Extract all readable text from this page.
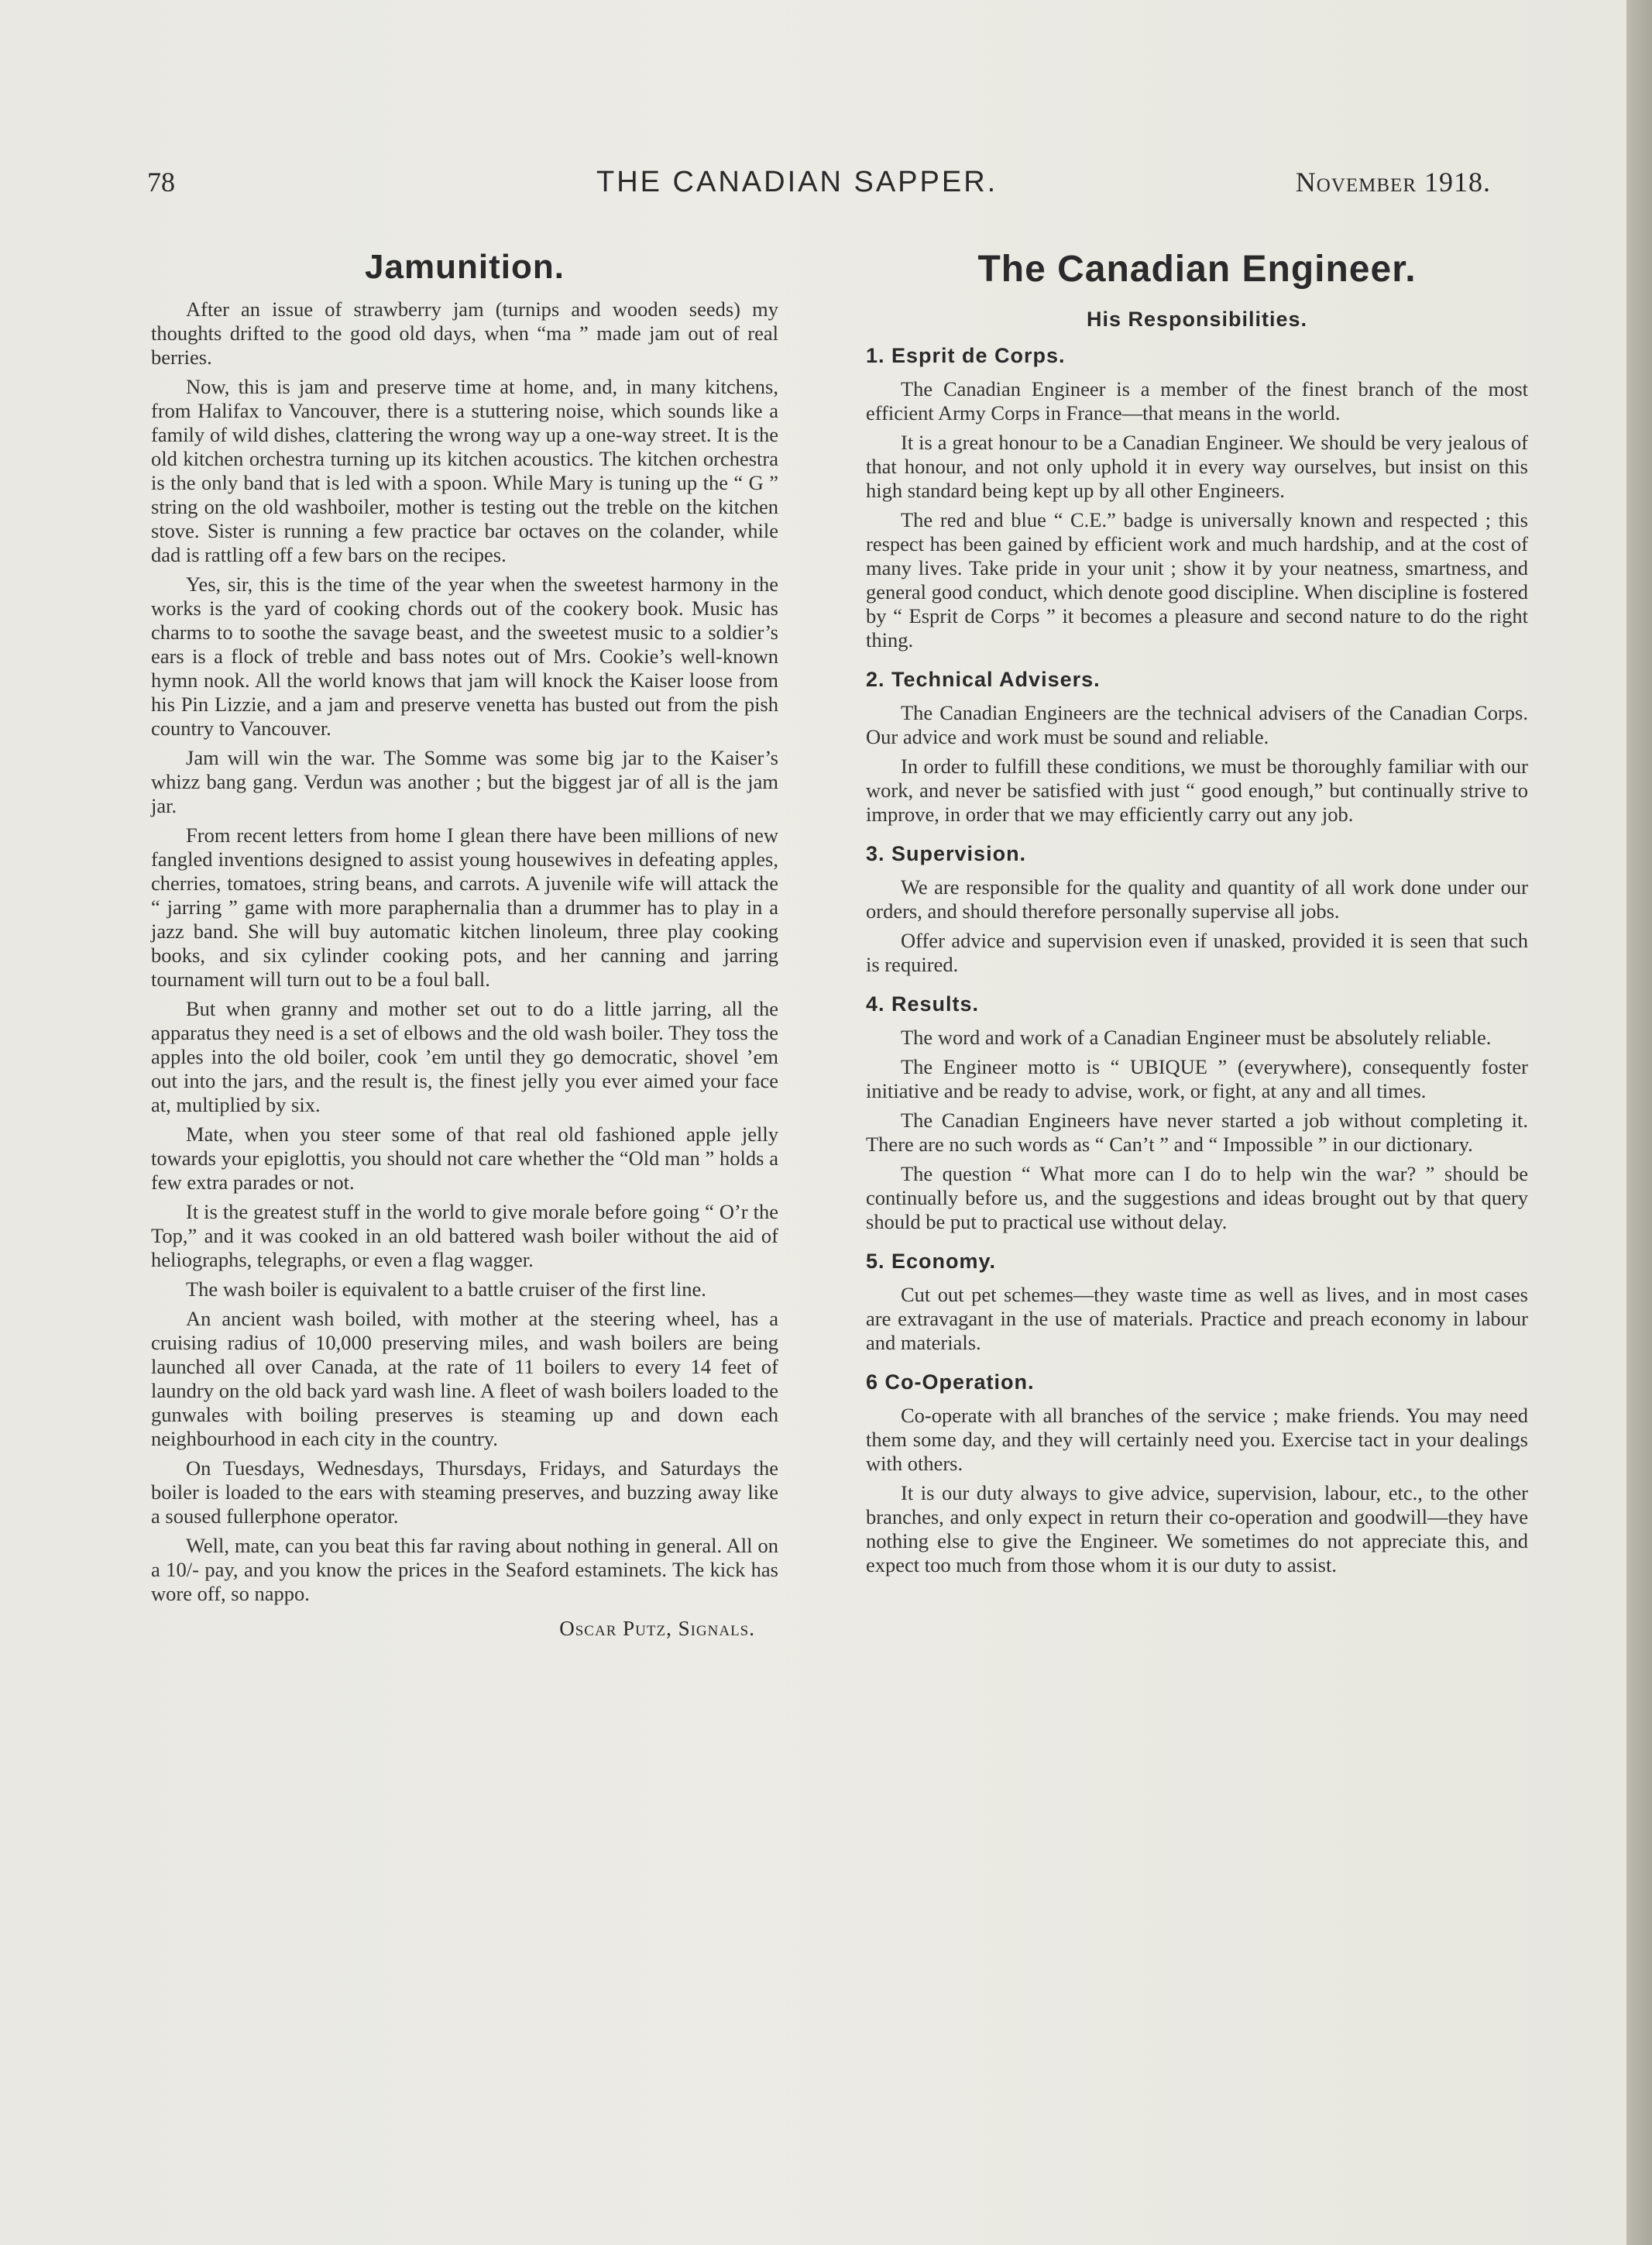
78	THE CANADIAN SAPPER.	November 1918.
Jamunition.

After an issue of strawberry jam (turnips and wooden seeds) my thoughts drifted to the good old days, when “ma ” made jam out of real berries.

Now, this is jam and preserve time at home, and, in many kitchens, from Halifax to Vancouver, there is a stuttering noise, which sounds like a family of wild dishes, clattering the wrong way up a one-way street. It is the old kitchen orchestra turning up its kitchen acoustics. The kitchen orchestra is the only band that is led with a spoon. While Mary is tuning up the “ G ” string on the old washboiler, mother is testing out the treble on the kitchen stove. Sister is running a few practice bar octaves on the colander, while dad is rattling off a few bars on the recipes.

Yes, sir, this is the time of the year when the sweetest harmony in the works is the yard of cooking chords out of the cookery book. Music has charms to to soothe the savage beast, and the sweetest music to a soldier’s ears is a flock of treble and bass notes out of Mrs. Cookie’s well-known hymn nook. All the world knows that jam will knock the Kaiser loose from his Pin Lizzie, and a jam and preserve venetta has busted out from the pish country to Vancouver.

Jam will win the war. The Somme was some big jar to the Kaiser’s whizz bang gang. Verdun was another ; but the biggest jar of all is the jam jar.

From recent letters from home I glean there have been millions of new fangled inventions designed to assist young housewives in defeating apples, cherries, tomatoes, string beans, and carrots. A juvenile wife will attack the “ jarring ” game with more paraphernalia than a drummer has to play in a jazz band. She will buy automatic kitchen linoleum, three play cooking books, and six cylinder cooking pots, and her canning and jarring tournament will turn out to be a foul ball.

But when granny and mother set out to do a little jarring, all the apparatus they need is a set of elbows and the old wash boiler. They toss the apples into the old boiler, cook ’em until they go democratic, shovel ’em out into the jars, and the result is, the finest jelly you ever aimed your face at, multiplied by six.

Mate, when you steer some of that real old fashioned apple jelly towards your epiglottis, you should not care whether the “Old man ” holds a few extra parades or not.

It is the greatest stuff in the world to give morale before going “ O’r the Top,” and it was cooked in an old battered wash boiler without the aid of heliographs, telegraphs, or even a flag wagger.

The wash boiler is equivalent to a battle cruiser of the first line.

An ancient wash boiled, with mother at the steering wheel, has a cruising radius of 10,000 preserving miles, and wash boilers are being launched all over Canada, at the rate of 11 boilers to every 14 feet of laundry on the old back yard wash line. A fleet of wash boilers loaded to the gunwales with boiling preserves is steaming up and down each neighbourhood in each city in the country.

On Tuesdays, Wednesdays, Thursdays, Fridays, and Saturdays the boiler is loaded to the ears with steaming preserves, and buzzing away like a soused fullerphone operator.

Well, mate, can you beat this far raving about nothing in general. All on a 10/- pay, and you know the prices in the Seaford estaminets. The kick has wore off, so nappo.

Oscar Putz, Signals.
The Canadian Engineer.
His Responsibilities.
1. Esprit de Corps.

The Canadian Engineer is a member of the finest branch of the most efficient Army Corps in France—that means in the world.

It is a great honour to be a Canadian Engineer. We should be very jealous of that honour, and not only uphold it in every way ourselves, but insist on this high standard being kept up by all other Engineers.

The red and blue “ C.E.” badge is universally known and respected ; this respect has been gained by efficient work and much hardship, and at the cost of many lives. Take pride in your unit ; show it by your neatness, smartness, and general good conduct, which denote good discipline. When discipline is fostered by “ Esprit de Corps ” it becomes a pleasure and second nature to do the right thing.

2. Technical Advisers.

The Canadian Engineers are the technical advisers of the Canadian Corps. Our advice and work must be sound and reliable.

In order to fulfill these conditions, we must be thoroughly familiar with our work, and never be satisfied with just “ good enough,” but continually strive to improve, in order that we may efficiently carry out any job.

3. Supervision.

We are responsible for the quality and quantity of all work done under our orders, and should therefore personally supervise all jobs.

Offer advice and supervision even if unasked, provided it is seen that such is required.

4. Results.

The word and work of a Canadian Engineer must be absolutely reliable.

The Engineer motto is “ UBIQUE ” (everywhere), consequently foster initiative and be ready to advise, work, or fight, at any and all times.

The Canadian Engineers have never started a job without completing it. There are no such words as “ Can’t ” and “ Impossible ” in our dictionary.

The question “ What more can I do to help win the war? ” should be continually before us, and the suggestions and ideas brought out by that query should be put to practical use without delay.

5. Economy.

Cut out pet schemes—they waste time as well as lives, and in most cases are extravagant in the use of materials. Practice and preach economy in labour and materials.

6 Co-Operation.

Co-operate with all branches of the service ; make friends. You may need them some day, and they will certainly need you. Exercise tact in your dealings with others.

It is our duty always to give advice, supervision, labour, etc., to the other branches, and only expect in return their co-operation and goodwill—they have nothing else to give the Engineer. We sometimes do not appreciate this, and expect too much from those whom it is our duty to assist.
